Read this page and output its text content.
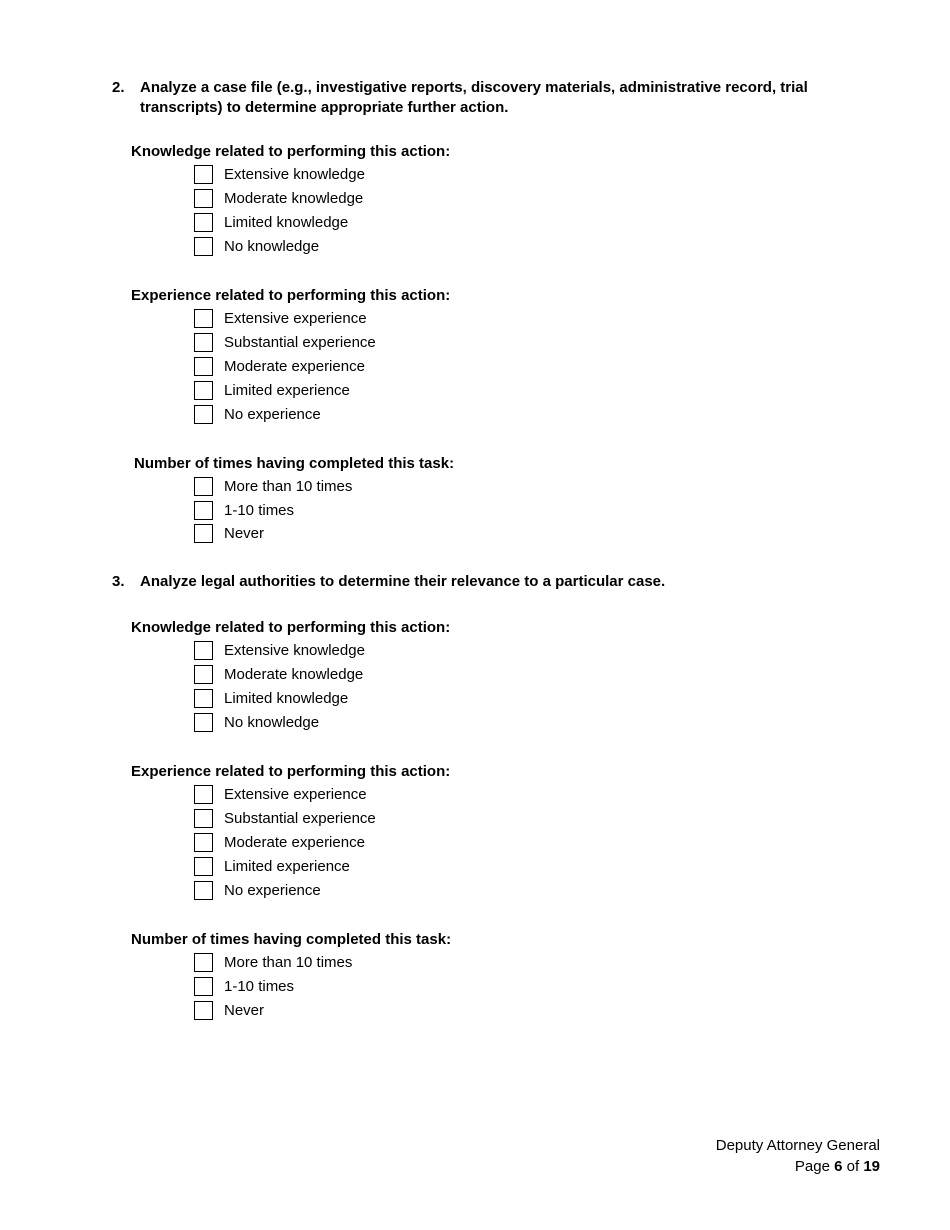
2.	Analyze a case file (e.g., investigative reports, discovery materials, administrative record, trial transcripts) to determine appropriate further action.
Knowledge related to performing this action:
Extensive knowledge
Moderate knowledge
Limited knowledge
No knowledge
Experience related to performing this action:
Extensive experience
Substantial experience
Moderate experience
Limited experience
No experience
Number of times having completed this task:
More than 10 times
1-10 times
Never
3.	Analyze legal authorities to determine their relevance to a particular case.
Knowledge related to performing this action:
Extensive knowledge
Moderate knowledge
Limited knowledge
No knowledge
Experience related to performing this action:
Extensive experience
Substantial experience
Moderate experience
Limited experience
No experience
Number of times having completed this task:
More than 10 times
1-10 times
Never
Deputy Attorney General
Page 6 of 19
